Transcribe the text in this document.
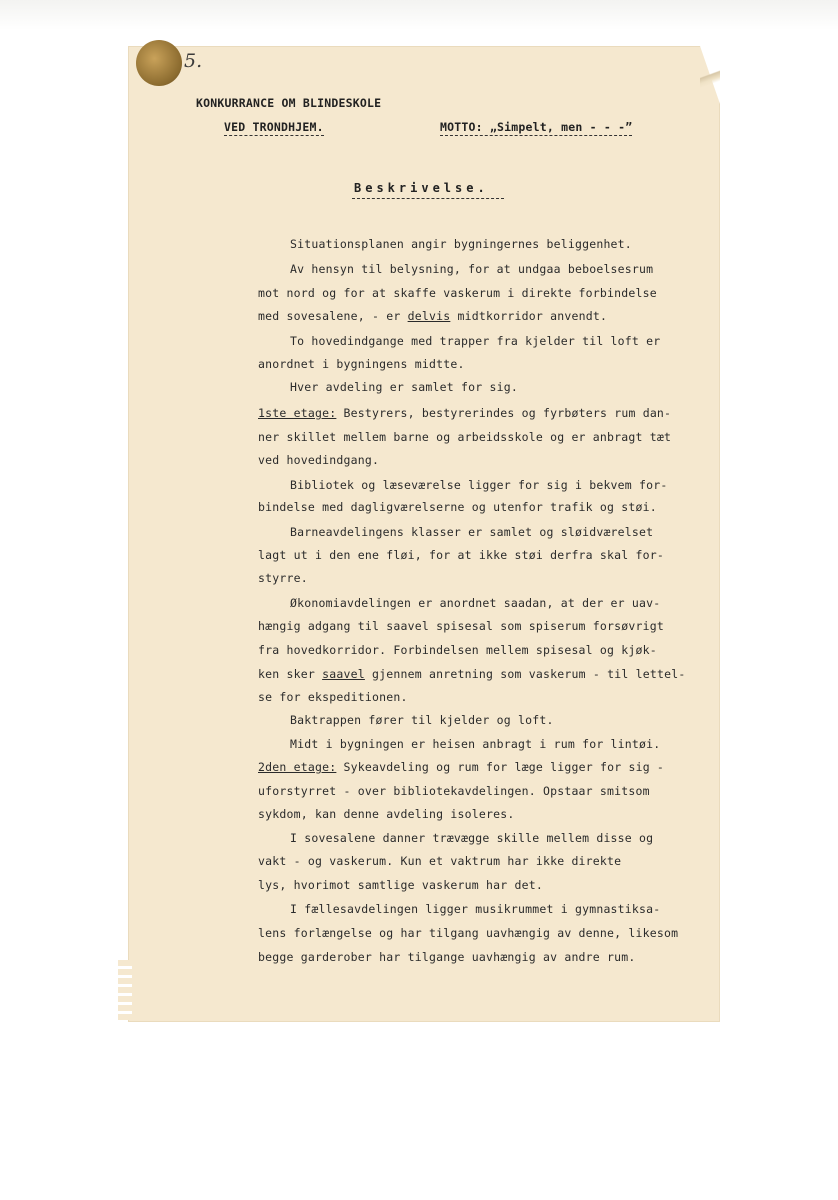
5.
KONKURRANCE OM BLINDESKOLE
VED TRONDHJEM.	MOTTO: „Simpelt, men - - -”
Beskrivelse.
Situationsplanen angir bygningernes beliggenhet.
Av hensyn til belysning, for at undgaa beboelsesrum
mot nord og for at skaffe vaskerum i direkte forbindelse
med sovesalene, - er delvis midtkorridor anvendt.
To hovedindgange med trapper fra kjelder til loft er
anordnet i bygningens midtte.
Hver avdeling er samlet for sig.
1ste etage: Bestyrers, bestyrerindes og fyrbøters rum dan-
ner skillet mellem barne og arbeidsskole og er anbragt tæt
ved hovedindgang.
Bibliotek og læseværelse ligger for sig i bekvem for-
bindelse med dagligværelserne og utenfor trafik og støi.
Barneavdelingens klasser er samlet og sløidværelset
lagt ut i den ene fløi, for at ikke støi derfra skal for-
styrre.
Økonomiavdelingen er anordnet saadan, at der er uav-
hængig adgang til saavel spisesal som spiserum forsøvrigt
fra hovedkorridor. Forbindelsen mellem spisesal og kjøk-
ken sker saavel gjennem anretning som vaskerum - til lettel-
se for ekspeditionen.
Baktrappen fører til kjelder og loft.
Midt i bygningen er heisen anbragt i rum for lintøi.
2den etage: Sykeavdeling og rum for læge ligger for sig -
uforstyrret - over bibliotekavdelingen. Opstaar smitsom
sykdom, kan denne avdeling isoleres.
I sovesalene danner trævægge skille mellem disse og
vakt - og vaskerum. Kun et vaktrum har ikke direkte
lys, hvorimot samtlige vaskerum har det.
I fællesavdelingen ligger musikrummet i gymnastiksa-
lens forlængelse og har tilgang uavhængig av denne, likesom
begge garderober har tilgange uavhængig av andre rum.
